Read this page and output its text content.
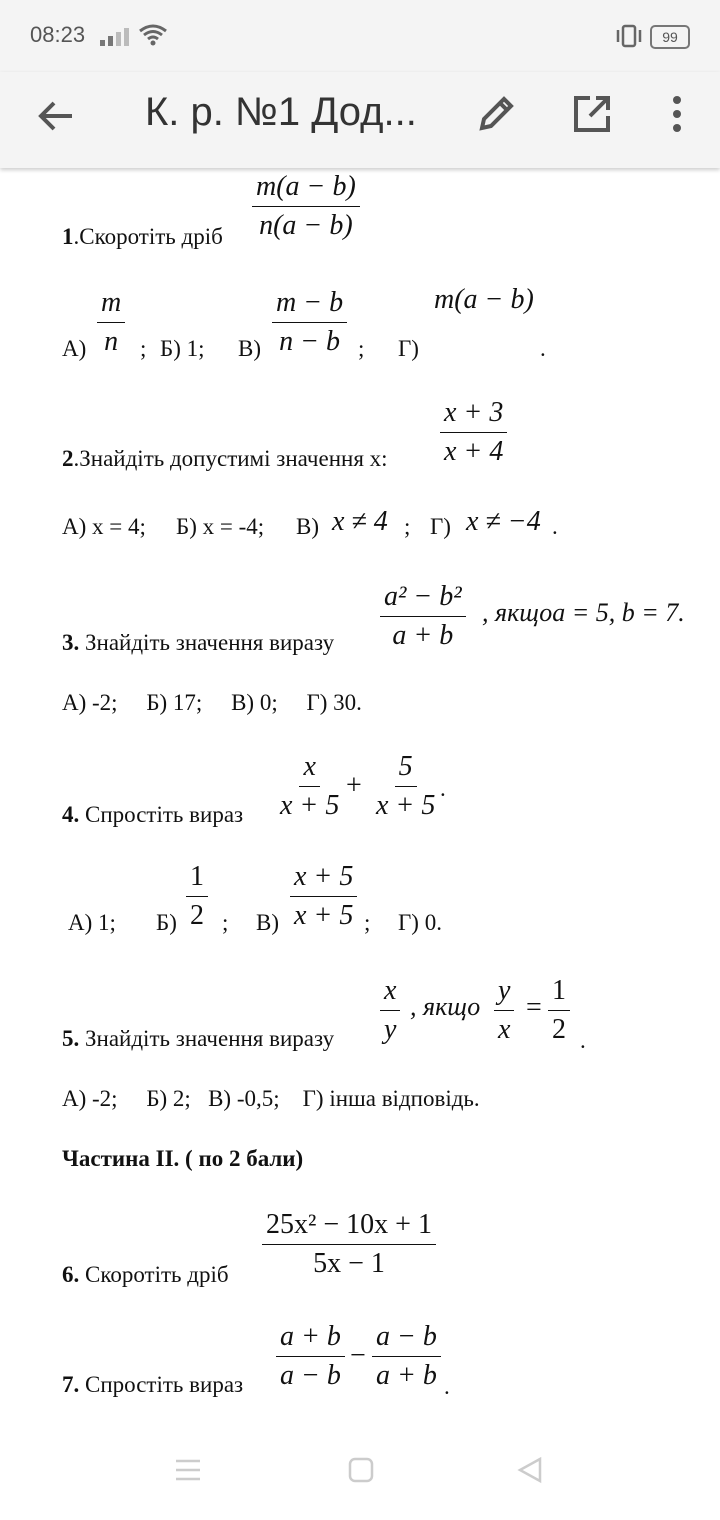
08:23	99
К. р. №1 Дод...
1.Скоротіть дріб $\frac{m(a - b)}{n(a - b)}$
$А) \frac{m}{n}$ ; Б) 1; $В) \frac{m - b}{n - b}$ ; Г)
m(a − b)
.
2.Знайдіть допустимі значення x: $\frac{x + 3}{x + 4}$
А) x = 4; Б) x = -4; В) x ≠ 4 ; Г) x ≠ −4 .
3. Знайдіть значення виразу $\frac{\text{a² − b²}}{a + b}$ , якщоa = 5, b = 7.
А) -2;     Б) 17;     В) 0;     Г) 30.
4. Спростіть вираз $\frac{x}{x + 5} + \frac{5}{x + 5}$ .
А) 1; $Б) \frac{1}{2}$ ; $В) \frac{x + 5}{x + 5}$ ; Г) 0.
5. Знайдіть значення виразу $\frac{x}{y}$ , якщо $\frac{y}{x} = \frac{1}{2}$ .
А) -2;     Б) 2;   В) -0,5;    Г) інша відповідь.
Частина ІІ. ( по 2 бали)
6. Скоротіть дріб $\frac{\text{25x² − 10x + 1}}{5x - 1}$
7. Спростіть вираз $\frac{a + b}{a - b} - \frac{a - b}{a + b}$ .
